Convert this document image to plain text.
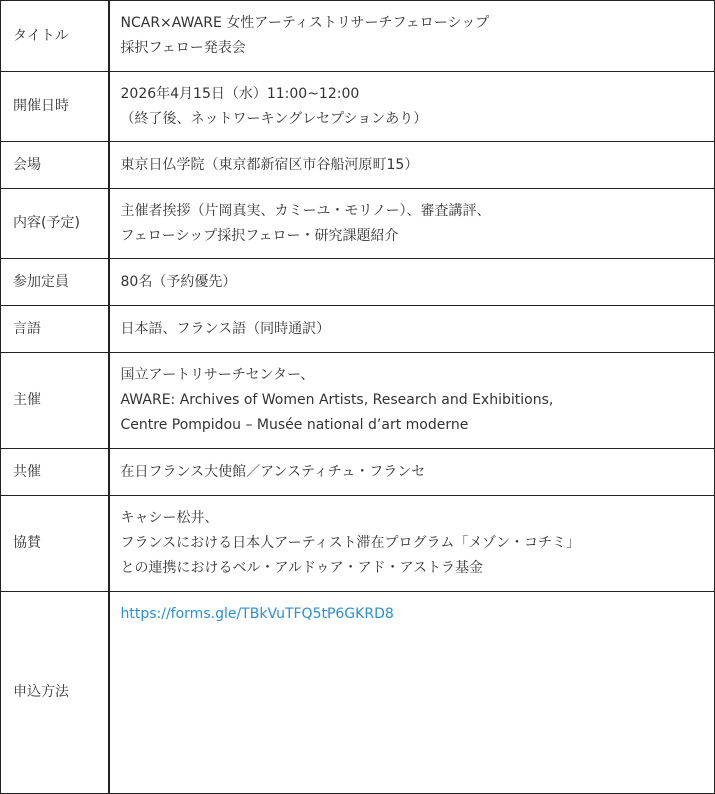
タイトル	NCAR×AWARE 女性アーティストリサーチフェローシップ
採択フェロー発表会

開催日時	2026年4月15日（水）11:00~12:00
（終了後、ネットワーキングレセプションあり）

会場	東京日仏学院（東京都新宿区市谷船河原町15）

内容(予定)	主催者挨拶（片岡真実、カミーユ・モリノー）、審査講評、
フェローシップ採択フェロー・研究課題紹介

参加定員	80名（予約優先）

言語	日本語、フランス語（同時通訳）

主催	国立アートリサーチセンター、
AWARE: Archives of Women Artists, Research and Exhibitions,
Centre Pompidou – Musée national d’art moderne

共催	在日フランス大使館／アンスティチュ・フランセ

協賛	キャシー松井、
フランスにおける日本人アーティスト滞在プログラム「メゾン・コチミ」
との連携におけるベル・アルドゥア・アド・アストラ基金

申込方法	https://forms.gle/TBkVuTFQ5tP6GKRD8
